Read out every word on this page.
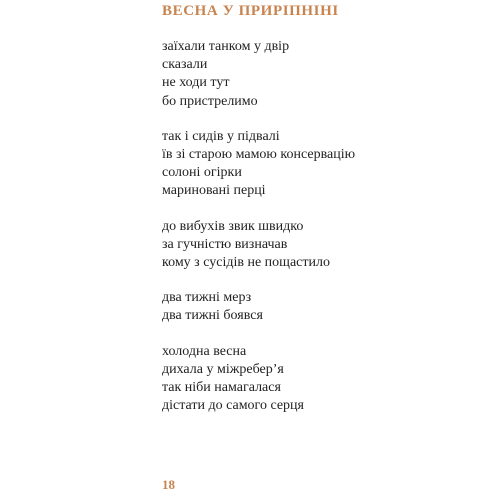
ВЕСНА У ПРИРІПНІНІ
заїхали танком у двір
сказали
не ходи тут
бо пристрелимо
так і сидів у підвалі
їв зі старою мамою консервацію
солоні огірки
мариновані перці
до вибухів звик швидко
за гучністю визначав
кому з сусідів не пощастило
два тижні мерз
два тижні боявся
холодна весна
дихала у міжребер’я
так ніби намагалася
дістати до самого серця

18
